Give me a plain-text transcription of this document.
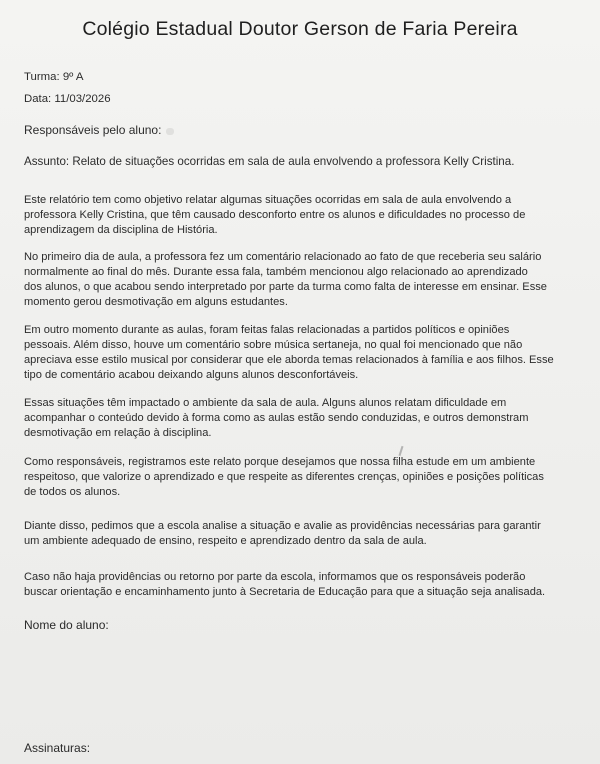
Colégio Estadual Doutor Gerson de Faria Pereira
Turma: 9º A
Data: 11/03/2026
Responsáveis pelo aluno:
Assunto: Relato de situações ocorridas em sala de aula envolvendo a professora Kelly Cristina.
Este relatório tem como objetivo relatar algumas situações ocorridas em sala de aula envolvendo a
professora Kelly Cristina, que têm causado desconforto entre os alunos e dificuldades no processo de
aprendizagem da disciplina de História.
No primeiro dia de aula, a professora fez um comentário relacionado ao fato de que receberia seu salário
normalmente ao final do mês. Durante essa fala, também mencionou algo relacionado ao aprendizado
dos alunos, o que acabou sendo interpretado por parte da turma como falta de interesse em ensinar. Esse
momento gerou desmotivação em alguns estudantes.
Em outro momento durante as aulas, foram feitas falas relacionadas a partidos políticos e opiniões
pessoais. Além disso, houve um comentário sobre música sertaneja, no qual foi mencionado que não
apreciava esse estilo musical por considerar que ele aborda temas relacionados à família e aos filhos. Esse
tipo de comentário acabou deixando alguns alunos desconfortáveis.
Essas situações têm impactado o ambiente da sala de aula. Alguns alunos relatam dificuldade em
acompanhar o conteúdo devido à forma como as aulas estão sendo conduzidas, e outros demonstram
desmotivação em relação à disciplina.
Como responsáveis, registramos este relato porque desejamos que nossa filha estude em um ambiente
respeitoso, que valorize o aprendizado e que respeite as diferentes crenças, opiniões e posições políticas
de todos os alunos.
Diante disso, pedimos que a escola analise a situação e avalie as providências necessárias para garantir
um ambiente adequado de ensino, respeito e aprendizado dentro da sala de aula.
Caso não haja providências ou retorno por parte da escola, informamos que os responsáveis poderão
buscar orientação e encaminhamento junto à Secretaria de Educação para que a situação seja analisada.
Nome do aluno:
Assinaturas:
